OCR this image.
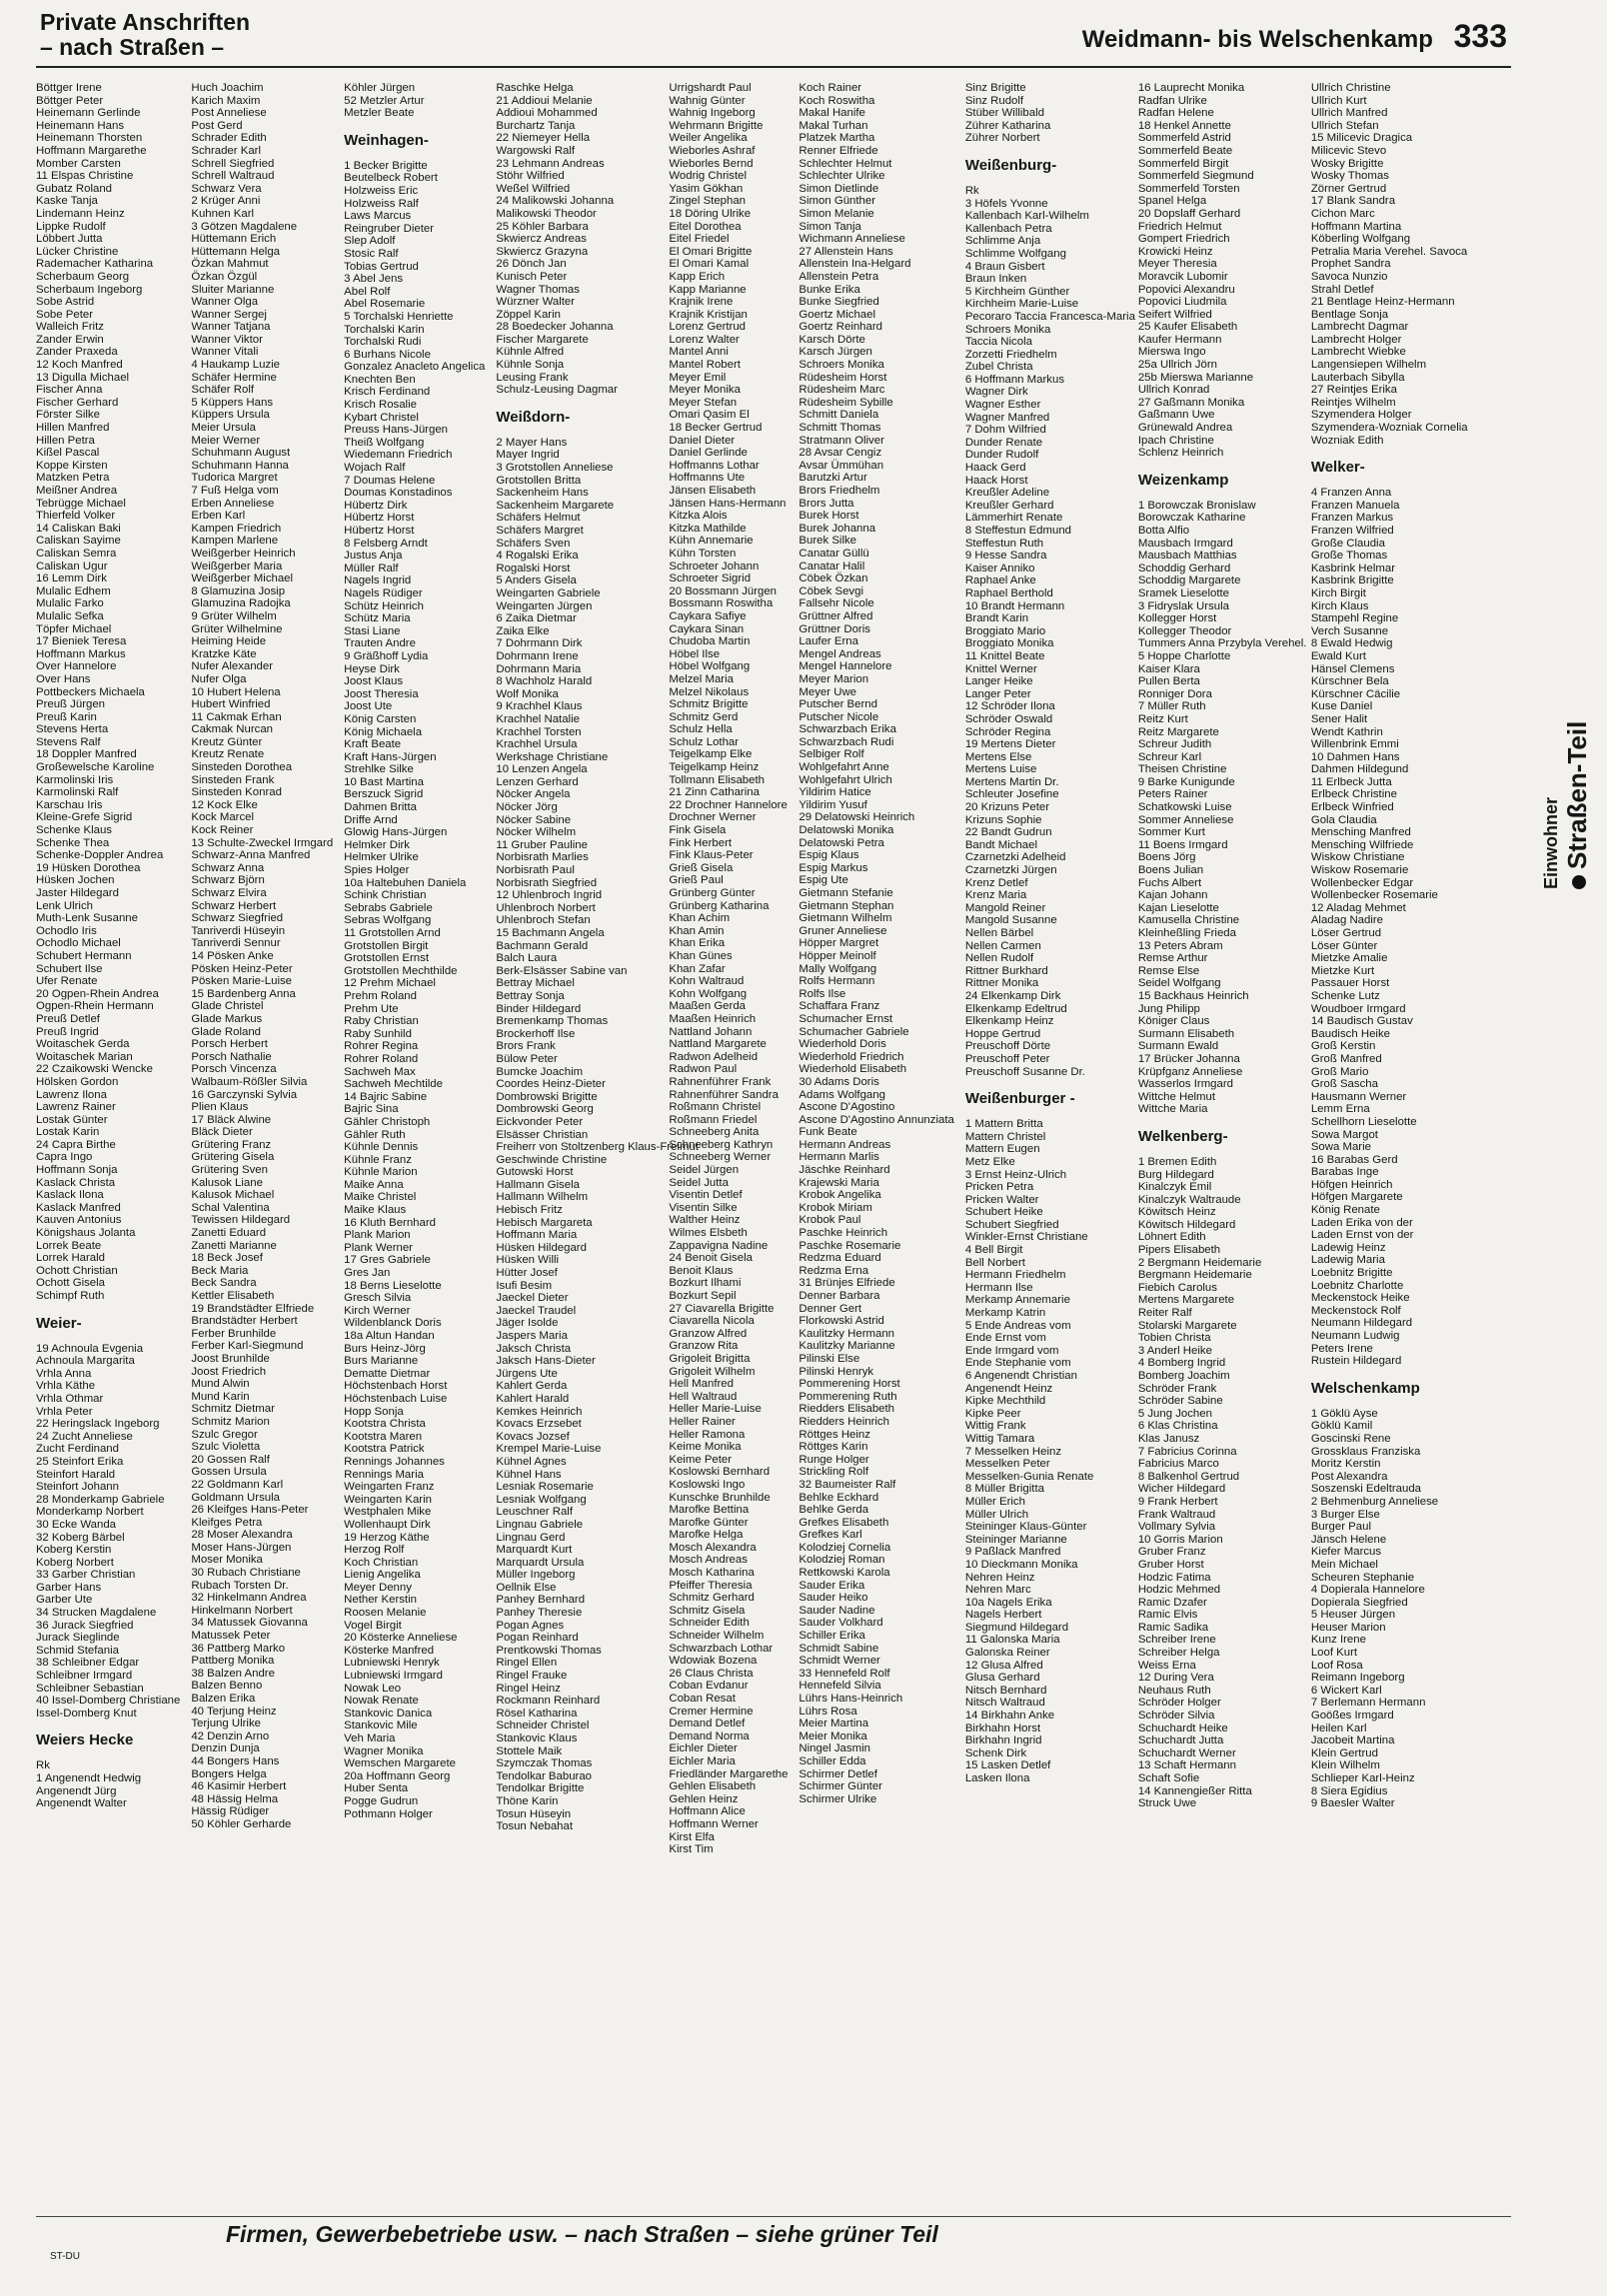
Private Anschriften
– nach Straßen –	Weidmann- bis Welschenkamp 333
Böttger Irene
Böttger Peter
Heinemann Gerlinde
Heinemann Hans
Heinemann Thorsten
Hoffmann Margarethe
Momber Carsten
11 Elspas Christine
Gubatz Roland
Kaske Tanja
Lindemann Heinz
Lippke Rudolf
Löbbert Jutta
Lücker Christine
Rademacher Katharina
Scherbaum Georg
Scherbaum Ingeborg
Sobe Astrid
Sobe Peter
Walleich Fritz
Zander Erwin
Zander Praxeda
12 Koch Manfred
13 Digulla Michael
Fischer Anna
Fischer Gerhard
Förster Silke
Hillen Manfred
Hillen Petra
Kißel Pascal
Koppe Kirsten
Matzken Petra
Meißner Andrea
Tebrügge Michael
Thierfeld Volker
14 Caliskan Baki
Caliskan Sayime
Caliskan Semra
Caliskan Ugur
16 Lemm Dirk
Mulalic Edhem
Mulalic Farko
Mulalic Sefka
Töpfer Michael
17 Bieniek Teresa
Hoffmann Markus
Over Hannelore
Over Hans
Pottbeckers Michaela
Preuß Jürgen
Preuß Karin
Stevens Herta
Stevens Ralf
18 Doppler Manfred
Großewelsche Karoline
Karmolinski Iris
Karmolinski Ralf
Karschau Iris
Kleine-Grefe Sigrid
Schenke Klaus
Schenke Thea
Schenke-Doppler Andrea
19 Hüsken Dorothea
Hüsken Jochen
Jaster Hildegard
Lenk Ulrich
Muth-Lenk Susanne
Ochodlo Iris
Ochodlo Michael
Schubert Hermann
Schubert Ilse
Ufer Renate
20 Ogpen-Rhein Andrea
Ogpen-Rhein Hermann
Preuß Detlef
Preuß Ingrid
Woitaschek Gerda
Woitaschek Marian
22 Czaikowski Wencke
Hölsken Gordon
Lawrenz Ilona
Lawrenz Rainer
Lostak Günter
Lostak Karin
24 Capra Birthe
Capra Ingo
Hoffmann Sonja
Kaslack Christa
Kaslack Ilona
Kaslack Manfred
Kauven Antonius
Königshaus Jolanta
Lorrek Beate
Lorrek Harald
Ochott Christian
Ochott Gisela
Schimpf Ruth
Weier-
19 Achnoula Evgenia
Achnoula Margarita
Vrhla Anna
Vrhla Käthe
Vrhla Othmar
Vrhla Peter
22 Heringslack Ingeborg
24 Zucht Anneliese
Zucht Ferdinand
25 Steinfort Erika
Steinfort Harald
Steinfort Johann
28 Monderkamp Gabriele
Monderkamp Norbert
30 Ecke Wanda
32 Koberg Bärbel
Koberg Kerstin
Koberg Norbert
33 Garber Christian
Garber Hans
Garber Ute
34 Strucken Magdalene
36 Jurack Siegfried
Jurack Sieglinde
Schmid Stefania
38 Schleibner Edgar
Schleibner Irmgard
Schleibner Sebastian
40 Issel-Domberg Christiane
Issel-Domberg Knut
Weiers Hecke
Rk
1 Angenendt Hedwig
Angenendt Jürg
Angenendt Walter
Huch Joachim
Karich Maxim
Post Anneliese
Post Gerd
Schrader Edith
Schrader Karl
Schrell Siegfried
Schrell Waltraud
Schwarz Vera
2 Krüger Anni
Kuhnen Karl
3 Götzen Magdalene
Hüttemann Erich
Hüttemann Helga
Özkan Mahmut
Özkan Özgül
Sluiter Marianne
Wanner Olga
Wanner Sergej
Wanner Tatjana
Wanner Viktor
Wanner Vitali
4 Haukamp Luzie
Schäfer Hermine
Schäfer Rolf
5 Küppers Hans
Küppers Ursula
Meier Ursula
Meier Werner
Schuhmann August
Schuhmann Hanna
Tudorica Margret
7 Fuß Helga vom
Erben Anneliese
Erben Karl
Kampen Friedrich
Kampen Marlene
Weißgerber Heinrich
Weißgerber Maria
Weißgerber Michael
8 Glamuzina Josip
Glamuzina Radojka
9 Grüter Wilhelm
Grüter Wilhelmine
Heiming Heide
Kratzke Käte
Nufer Alexander
Nufer Olga
10 Hubert Helena
Hubert Winfried
11 Cakmak Erhan
Cakmak Nurcan
Kreutz Günter
Kreutz Renate
Sinsteden Dorothea
Sinsteden Frank
Sinsteden Konrad
12 Kock Elke
Kock Marcel
Kock Reiner
13 Schulte-Zweckel Irmgard
Schwarz-Anna Manfred
Schwarz Anna
Schwarz Björn
Schwarz Elvira
Schwarz Herbert
Schwarz Siegfried
Tanriverdi Hüseyin
Tanriverdi Sennur
14 Pösken Anke
Pösken Heinz-Peter
Pösken Marie-Luise
15 Bardenberg Anna
Glade Christel
Glade Markus
Glade Roland
Porsch Herbert
Porsch Nathalie
Porsch Vincenza
Walbaum-Rößler Silvia
16 Garczynski Sylvia
Plien Klaus
17 Bläck Alwine
Bläck Dieter
Grütering Franz
Grütering Gisela
Grütering Sven
Kalusok Liane
Kalusok Michael
Schal Valentina
Tewissen Hildegard
Zanetti Eduard
Zanetti Marianne
18 Beck Josef
Beck Maria
Beck Sandra
Kettler Elisabeth
19 Brandstädter Elfriede
Brandstädter Herbert
Ferber Brunhilde
Ferber Karl-Siegmund
Joost Brunhilde
Joost Friedrich
Mund Alwin
Mund Karin
Schmitz Dietmar
Schmitz Marion
Szulc Gregor
Szulc Violetta
20 Gossen Ralf
Gossen Ursula
22 Goldmann Karl
Goldmann Ursula
26 Kleifges Hans-Peter
Kleifges Petra
28 Moser Alexandra
Moser Hans-Jürgen
Moser Monika
30 Rubach Christiane
Rubach Torsten Dr.
32 Hinkelmann Andrea
Hinkelmann Norbert
34 Matussek Giovanna
Matussek Peter
36 Pattberg Marko
Pattberg Monika
38 Balzen Andre
Balzen Benno
Balzen Erika
40 Terjung Heinz
Terjung Ulrike
42 Denzin Arno
Denzin Dunja
44 Bongers Hans
Bongers Helga
46 Kasimir Herbert
48 Hässig Helma
Hässig Rüdiger
50 Köhler Gerharde
Köhler Jürgen
52 Metzler Artur
Metzler Beate
Weinhagen-
1 Becker Brigitte
Beutelbeck Robert
Holzweiss Eric
Holzweiss Ralf
Laws Marcus
Reingruber Dieter
Slep Adolf
Stosic Ralf
Tobias Gertrud
3 Abel Jens
Abel Rolf
Abel Rosemarie
5 Torchalski Henriette
Torchalski Karin
Torchalski Rudi
6 Burhans Nicole
Gonzalez Anacleto Angelica
Knechten Ben
Krisch Ferdinand
Krisch Rosalie
Kybart Christel
Preuss Hans-Jürgen
Theiß Wolfgang
Wiedemann Friedrich
Wojach Ralf
7 Doumas Helene
Doumas Konstadinos
Hübertz Dirk
Hübertz Horst
Hübertz Horst
8 Felsberg Arndt
Justus Anja
Müller Ralf
Nagels Ingrid
Nagels Rüdiger
Schütz Heinrich
Schütz Maria
Stasi Liane
Trauten Andre
9 Gräßhoff Lydia
Heyse Dirk
Joost Klaus
Joost Theresia
Joost Ute
König Carsten
König Michaela
Kraft Beate
Kraft Hans-Jürgen
Strehlke Silke
10 Bast Martina
Berszuck Sigrid
Dahmen Britta
Driffe Arnd
Glowig Hans-Jürgen
Helmker Dirk
Helmker Ulrike
Spies Holger
10a Haltebuhen Daniela
Schink Christian
Sebrabs Gabriele
Sebras Wolfgang
11 Grotstollen Arnd
Grotstollen Birgit
Grotstollen Ernst
Grotstollen Mechthilde
12 Prehm Michael
Prehm Roland
Prehm Ute
Raby Christian
Raby Sunhild
Rohrer Regina
Rohrer Roland
Sachweh Max
Sachweh Mechtilde
14 Bajric Sabine
Bajric Sina
Gähler Christoph
Gähler Ruth
Kühnle Dennis
Kühnle Franz
Kühnle Marion
Maike Anna
Maike Christel
Maike Klaus
16 Kluth Bernhard
Plank Marion
Plank Werner
17 Gres Gabriele
Gres Jan
18 Berns Lieselotte
Gresch Silvia
Kirch Werner
Wildenblanck Doris
18a Altun Handan
Burs Heinz-Jörg
Burs Marianne
Dematte Dietmar
Höchstenbach Horst
Höchstenbach Luise
Hopp Sonja
Kootstra Christa
Kootstra Maren
Kootstra Patrick
Rennings Johannes
Rennings Maria
Weingarten Franz
Weingarten Karin
Westphalen Mike
Wollenhaupt Dirk
19 Herzog Käthe
Herzog Rolf
Koch Christian
Lienig Angelika
Meyer Denny
Nether Kerstin
Roosen Melanie
Vogel Birgit
20 Kösterke Anneliese
Kösterke Manfred
Lubniewski Henryk
Lubniewski Irmgard
Nowak Leo
Nowak Renate
Stankovic Danica
Stankovic Mile
Veh Maria
Wagner Monika
Wemschen Margarete
20a Hoffmann Georg
Huber Senta
Pogge Gudrun
Pothmann Holger
Raschke Helga
21 Addioui Melanie
Addioui Mohammed
Burchartz Tanja
22 Niemeyer Hella
Wargowski Ralf
23 Lehmann Andreas
Stöhr Wilfried
Weßel Wilfried
24 Malikowski Johanna
Malikowski Theodor
25 Köhler Barbara
Skwiercz Andreas
Skwiercz Grazyna
26 Dönch Jan
Kunisch Peter
Wagner Thomas
Würzner Walter
Zöppel Karin
28 Boedecker Johanna
Fischer Margarete
Kühnle Alfred
Kühnle Sonja
Leusing Frank
Schulz-Leusing Dagmar
Weißdorn-
2 Mayer Hans
Mayer Ingrid
3 Grotstollen Anneliese
Grotstollen Britta
Sackenheim Hans
Sackenheim Margarete
Schäfers Helmut
Schäfers Margret
Schäfers Sven
4 Rogalski Erika
Rogalski Horst
5 Anders Gisela
Weingarten Gabriele
Weingarten Jürgen
6 Zaika Dietmar
Zaika Elke
7 Dohrmann Dirk
Dohrmann Irene
Dohrmann Maria
8 Wachholz Harald
Wolf Monika
9 Krachhel Klaus
Krachhel Natalie
Krachhel Torsten
Krachhel Ursula
Werkshage Christiane
10 Lenzen Angela
Lenzen Gerhard
Nöcker Angela
Nöcker Jörg
Nöcker Sabine
Nöcker Wilhelm
11 Gruber Pauline
Norbisrath Marlies
Norbisrath Paul
Norbisrath Siegfried
12 Uhlenbroch Ingrid
Uhlenbroch Norbert
Uhlenbroch Stefan
15 Bachmann Angela
Bachmann Gerald
Balch Laura
Berk-Elsässer Sabine van
Bettray Michael
Bettray Sonja
Binder Hildegard
Bremenkamp Thomas
Brockerhoff Ilse
Brors Frank
Bülow Peter
Bumcke Joachim
Coordes Heinz-Dieter
Dombrowski Brigitte
Dombrowski Georg
Eickvonder Peter
Elsässer Christian
Freiherr von Stoltzenberg Klaus-Freimut
Geschwinde Christine
Gutowski Horst
Hallmann Gisela
Hallmann Wilhelm
Hebisch Fritz
Hebisch Margareta
Hoffmann Maria
Hüsken Hildegard
Hüsken Willi
Hütter Josef
Isufi Besim
Jaeckel Dieter
Jaeckel Traudel
Jäger Isolde
Jaspers Maria
Jaksch Christa
Jaksch Hans-Dieter
Jürgens Ute
Kahlert Gerda
Kahlert Harald
Kemkes Heinrich
Kovacs Erzsebet
Kovacs Jozsef
Krempel Marie-Luise
Kühnel Agnes
Kühnel Hans
Lesniak Rosemarie
Lesniak Wolfgang
Leuschner Ralf
Lingnau Gabriele
Lingnau Gerd
Marquardt Kurt
Marquardt Ursula
Müller Ingeborg
Oellnik Else
Panhey Bernhard
Panhey Theresie
Pogan Agnes
Pogan Reinhard
Prentkowski Thomas
Ringel Ellen
Ringel Frauke
Ringel Heinz
Rockmann Reinhard
Rösel Katharina
Schneider Christel
Stankovic Klaus
Stottele Maik
Szymczak Thomas
Tendolkar Baburao
Tendolkar Brigitte
Thöne Karin
Tosun Hüseyin
Tosun Nebahat
Urrigshardt Paul
Wahnig Günter
Wahnig Ingeborg
Wehrmann Brigitte
Weiler Angelika
Wieborles Ashraf
Wieborles Bernd
Wodrig Christel
Yasim Gökhan
Zingel Stephan
18 Döring Ulrike
Eitel Dorothea
Eitel Friedel
El Omari Brigitte
El Omari Kamal
Kapp Erich
Kapp Marianne
Krajnik Irene
Krajnik Kristijan
Lorenz Gertrud
Lorenz Walter
Mantel Anni
Mantel Robert
Meyer Emil
Meyer Monika
Meyer Stefan
Omari Qasim El
18 Becker Gertrud
Daniel Dieter
Daniel Gerlinde
Hoffmanns Lothar
Hoffmanns Ute
Jänsen Elisabeth
Jänsen Hans-Hermann
Kitzka Alois
Kitzka Mathilde
Kühn Annemarie
Kühn Torsten
Schroeter Johann
Schroeter Sigrid
20 Bossmann Jürgen
Bossmann Roswitha
Caykara Safiye
Caykara Sinan
Chudoba Martin
Höbel Ilse
Höbel Wolfgang
Melzel Maria
Melzel Nikolaus
Schmitz Brigitte
Schmitz Gerd
Schulz Hella
Schulz Lothar
Teigelkamp Elke
Teigelkamp Heinz
Tollmann Elisabeth
21 Zinn Catharina
22 Drochner Hannelore
Drochner Werner
Fink Gisela
Fink Herbert
Fink Klaus-Peter
Grieß Gisela
Grieß Paul
Grünberg Günter
Grünberg Katharina
Khan Achim
Khan Amin
Khan Erika
Khan Günes
Khan Zafar
Kohn Waltraud
Kohn Wolfgang
Maaßen Gerda
Maaßen Heinrich
Nattland Johann
Nattland Margarete
Radwon Adelheid
Radwon Paul
Rahnenführer Frank
Rahnenführer Sandra
Roßmann Christel
Roßmann Friedel
Schneeberg Anita
Schneeberg Kathryn
Schneeberg Werner
Seidel Jürgen
Seidel Jutta
Visentin Detlef
Visentin Silke
Walther Heinz
Wilmes Elsbeth
Zappavigna Nadine
24 Benoit Gisela
Benoit Klaus
Bozkurt Ilhami
Bozkurt Sepil
27 Ciavarella Brigitte
Ciavarella Nicola
Granzow Alfred
Granzow Rita
Grigoleit Brigitta
Grigoleit Wilhelm
Hell Manfred
Hell Waltraud
Heller Marie-Luise
Heller Rainer
Heller Ramona
Keime Monika
Keime Peter
Koslowski Bernhard
Koslowski Ingo
Kunschke Brunhilde
Marofke Bettina
Marofke Günter
Marofke Helga
Mosch Alexandra
Mosch Andreas
Mosch Katharina
Pfeiffer Theresia
Schmitz Gerhard
Schmitz Gisela
Schneider Edith
Schneider Wilhelm
Schwarzbach Lothar
Wdowiak Bozena
26 Claus Christa
Coban Evdanur
Coban Resat
Cremer Hermine
Demand Detlef
Demand Norma
Eichler Dieter
Eichler Maria
Friedländer Margarethe
Gehlen Elisabeth
Gehlen Heinz
Hoffmann Alice
Hoffmann Werner
Kirst Elfa
Kirst Tim
Koch Rainer
Koch Roswitha
Makal Hanife
Makal Turhan
Platzek Martha
Renner Elfriede
Schlechter Helmut
Schlechter Ulrike
Simon Dietlinde
Simon Günther
Simon Melanie
Simon Tanja
Wichmann Anneliese
27 Allenstein Hans
Allenstein Ina-Helgard
Allenstein Petra
Bunke Erika
Bunke Siegfried
Goertz Michael
Goertz Reinhard
Karsch Dörte
Karsch Jürgen
Schroers Monika
Rüdesheim Horst
Rüdesheim Marc
Rüdesheim Sybille
Schmitt Daniela
Schmitt Thomas
Stratmann Oliver
28 Avsar Cengiz
Avsar Ümmühan
Barutzki Artur
Brors Friedhelm
Brors Jutta
Burek Horst
Burek Johanna
Burek Silke
Canatar Güllü
Canatar Halil
Cöbek Özkan
Cöbek Sevgi
Fallsehr Nicole
Grüttner Alfred
Grüttner Doris
Laufer Erna
Mengel Andreas
Mengel Hannelore
Meyer Marion
Meyer Uwe
Putscher Bernd
Putscher Nicole
Schwarzbach Erika
Schwarzbach Rudi
Selbiger Rolf
Wohlgefahrt Anne
Wohlgefahrt Ulrich
Yildirim Hatice
Yildirim Yusuf
29 Delatowski Heinrich
Delatowski Monika
Delatowski Petra
Espig Klaus
Espig Markus
Espig Ute
Gietmann Stefanie
Gietmann Stephan
Gietmann Wilhelm
Gruner Anneliese
Höpper Margret
Höpper Meinolf
Mally Wolfgang
Rolfs Hermann
Rolfs Ilse
Schaffara Franz
Schumacher Ernst
Schumacher Gabriele
Wiederhold Doris
Wiederhold Friedrich
Wiederhold Elisabeth
30 Adams Doris
Adams Wolfgang
Ascone D'Agostino
Ascone D'Agostino Annunziata
Funk Beate
Hermann Andreas
Hermann Marlis
Jäschke Reinhard
Krajewski Maria
Krobok Angelika
Krobok Miriam
Krobok Paul
Paschke Heinrich
Paschke Rosemarie
Redzma Eduard
Redzma Erna
31 Brünjes Elfriede
Denner Barbara
Denner Gert
Florkowski Astrid
Kaulitzky Hermann
Kaulitzky Marianne
Pilinski Else
Pilinski Henryk
Pommerening Horst
Pommerening Ruth
Riedders Elisabeth
Riedders Heinrich
Röttges Heinz
Röttges Karin
Runge Holger
Strickling Rolf
32 Baumeister Ralf
Behlke Eckhard
Behlke Gerda
Grefkes Elisabeth
Grefkes Karl
Kolodziej Cornelia
Kolodziej Roman
Rettkowski Karola
Sauder Erika
Sauder Heiko
Sauder Nadine
Sauder Volkhard
Schiller Erika
Schmidt Sabine
Schmidt Werner
33 Hennefeld Rolf
Hennefeld Silvia
Lührs Hans-Heinrich
Lührs Rosa
Meier Martina
Meier Monika
Ningel Jasmin
Schiller Edda
Schirmer Detlef
Schirmer Günter
Schirmer Ulrike
Sinz Brigitte
Sinz Rudolf
Stüber Willibald
Zührer Katharina
Zührer Norbert
Weißenburg-
Rk
3 Höfels Yvonne
Kallenbach Karl-Wilhelm
Kallenbach Petra
Schlimme Anja
Schlimme Wolfgang
4 Braun Gisbert
Braun Inken
5 Kirchheim Günther
Kirchheim Marie-Luise
Pecoraro Taccia Francesca-Maria
Schroers Monika
Taccia Nicola
Zorzetti Friedhelm
Zubel Christa
6 Hoffmann Markus
Wagner Dirk
Wagner Esther
Wagner Manfred
7 Dohm Wilfried
Dunder Renate
Dunder Rudolf
Haack Gerd
Haack Horst
Kreußler Adeline
Kreußler Gerhard
Lämmerhirt Renate
8 Steffestun Edmund
Steffestun Ruth
9 Hesse Sandra
Kaiser Anniko
Raphael Anke
Raphael Berthold
10 Brandt Hermann
Brandt Karin
Broggiato Mario
Broggiato Monika
11 Knittel Beate
Knittel Werner
Langer Heike
Langer Peter
12 Schröder Ilona
Schröder Oswald
Schröder Regina
19 Mertens Dieter
Mertens Else
Mertens Luise
Mertens Martin Dr.
Schleuter Josefine
20 Krizuns Peter
Krizuns Sophie
22 Bandt Gudrun
Bandt Michael
Czarnetzki Adelheid
Czarnetzki Jürgen
Krenz Detlef
Krenz Maria
Mangold Reiner
Mangold Susanne
Nellen Bärbel
Nellen Carmen
Nellen Rudolf
Rittner Burkhard
Rittner Monika
24 Elkenkamp Dirk
Elkenkamp Edeltrud
Elkenkamp Heinz
Hoppe Gertrud
Preuschoff Dörte
Preuschoff Peter
Preuschoff Susanne Dr.
Weißenburger -
1 Mattern Britta
Mattern Christel
Mattern Eugen
Metz Elke
3 Ernst Heinz-Ulrich
Pricken Petra
Pricken Walter
Schubert Heike
Schubert Siegfried
Winkler-Ernst Christiane
4 Bell Birgit
Bell Norbert
Hermann Friedhelm
Hermann Ilse
Merkamp Annemarie
Merkamp Katrin
5 Ende Andreas vom
Ende Ernst vom
Ende Irmgard vom
Ende Stephanie vom
6 Angenendt Christian
Angenendt Heinz
Kipke Mechthild
Kipke Peer
Wittig Frank
Wittig Tamara
7 Messelken Heinz
Messelken Peter
Messelken-Gunia Renate
8 Müller Brigitta
Müller Erich
Müller Ulrich
Steininger Klaus-Günter
Steininger Marianne
9 Paßlack Manfred
10 Dieckmann Monika
Nehren Heinz
Nehren Marc
10a Nagels Erika
Nagels Herbert
Siegmund Hildegard
11 Galonska Maria
Galonska Reiner
12 Glusa Alfred
Glusa Gerhard
Nitsch Bernhard
Nitsch Waltraud
14 Birkhahn Anke
Birkhahn Horst
Birkhahn Ingrid
Schenk Dirk
15 Lasken Detlef
Lasken Ilona
16 Lauprecht Monika
Radfan Ulrike
Radfan Helene
18 Henkel Annette
Sommerfeld Astrid
Sommerfeld Beate
Sommerfeld Birgit
Sommerfeld Siegmund
Sommerfeld Torsten
Spanel Helga
20 Dopslaff Gerhard
Friedrich Helmut
Gompert Friedrich
Krowicki Heinz
Meyer Theresia
Moravcik Lubomir
Popovici Alexandru
Popovici Liudmila
Seifert Wilfried
25 Kaufer Elisabeth
Kaufer Hermann
Mierswa Ingo
25a Ullrich Jörn
25b Mierswa Marianne
Ullrich Konrad
27 Gaßmann Monika
Gaßmann Uwe
Grünewald Andrea
Ipach Christine
Schlenz Heinrich
Weizenkamp
1 Borowczak Bronislaw
Borowczak Katharine
Botta Alfio
Mausbach Irmgard
Mausbach Matthias
Schoddig Gerhard
Schoddig Margarete
Sramek Lieselotte
3 Fidryslak Ursula
Kollegger Horst
Kollegger Theodor
Tummers Anna Przybyla Verehel.
5 Hoppe Charlotte
Kaiser Klara
Pullen Berta
Ronniger Dora
7 Müller Ruth
Reitz Kurt
Reitz Margarete
Schreur Judith
Schreur Karl
Theisen Christine
9 Barke Kunigunde
Peters Rainer
Schatkowski Luise
Sommer Anneliese
Sommer Kurt
11 Boens Irmgard
Boens Jörg
Boens Julian
Fuchs Albert
Kajan Johann
Kajan Lieselotte
Kamusella Christine
Kleinheßling Frieda
13 Peters Abram
Remse Arthur
Remse Else
Seidel Wolfgang
15 Backhaus Heinrich
Jung Philipp
Königer Claus
Surmann Elisabeth
Surmann Ewald
17 Brücker Johanna
Krüpfganz Anneliese
Wasserlos Irmgard
Wittche Helmut
Wittche Maria
Welkenberg-
1 Bremen Edith
Burg Hildegard
Kinalczyk Emil
Kinalczyk Waltraude
Köwitsch Heinz
Köwitsch Hildegard
Löhnert Edith
Pipers Elisabeth
2 Bergmann Heidemarie
Bergmann Heidemarie
Fiebich Carolus
Mertens Margarete
Reiter Ralf
Stolarski Margarete
Tobien Christa
3 Anderl Heike
4 Bomberg Ingrid
Bomberg Joachim
Schröder Frank
Schröder Sabine
5 Jung Jochen
6 Klas Christina
Klas Janusz
7 Fabricius Corinna
Fabricius Marco
8 Balkenhol Gertrud
Wicher Hildegard
9 Frank Herbert
Frank Waltraud
Vollmary Sylvia
10 Gorris Marion
Gruber Franz
Gruber Horst
Hodzic Fatima
Hodzic Mehmed
Ramic Dzafer
Ramic Elvis
Ramic Sadika
Schreiber Irene
Schreiber Helga
Weiss Erna
12 During Vera
Neuhaus Ruth
Schröder Holger
Schröder Silvia
Schuchardt Heike
Schuchardt Jutta
Schuchardt Werner
13 Schaft Hermann
Schaft Sofie
14 Kannengießer Ritta
Struck Uwe
Ullrich Christine
Ullrich Kurt
Ullrich Manfred
Ullrich Stefan
15 Milicevic Dragica
Milicevic Stevo
Wosky Brigitte
Wosky Thomas
Zörner Gertrud
17 Blank Sandra
Cichon Marc
Hoffmann Martina
Köberling Wolfgang
Petralia Maria Verehel. Savoca
Prophet Sandra
Savoca Nunzio
Strahl Detlef
21 Bentlage Heinz-Hermann
Bentlage Sonja
Lambrecht Dagmar
Lambrecht Holger
Lambrecht Wiebke
Langensiepen Wilhelm
Lauterbach Sibylla
27 Reintjes Erika
Reintjes Wilhelm
Szymendera Holger
Szymendera-Wozniak Cornelia
Wozniak Edith
Welker-
4 Franzen Anna
Franzen Manuela
Franzen Markus
Franzen Wilfried
Große Claudia
Große Thomas
Kasbrink Helmar
Kasbrink Brigitte
Kirch Birgit
Kirch Klaus
Stampehl Regine
Verch Susanne
8 Ewald Hedwig
Ewald Kurt
Hänsel Clemens
Kürschner Bela
Kürschner Cäcilie
Kuse Daniel
Sener Halit
Wendt Kathrin
Willenbrink Emmi
10 Dahmen Hans
Dahmen Hildegund
11 Erlbeck Jutta
Erlbeck Christine
Erlbeck Winfried
Gola Claudia
Mensching Manfred
Mensching Wilfriede
Wiskow Christiane
Wiskow Rosemarie
Wollenbecker Edgar
Wollenbecker Rosemarie
12 Aladag Mehmet
Aladag Nadire
Löser Gertrud
Löser Günter
Mietzke Amalie
Mietzke Kurt
Passauer Horst
Schenke Lutz
Woudboer Irmgard
14 Baudisch Gustav
Baudisch Heike
Groß Kerstin
Groß Manfred
Groß Mario
Groß Sascha
Hausmann Werner
Lemm Erna
Schellhorn Lieselotte
Sowa Margot
Sowa Marie
16 Barabas Gerd
Barabas Inge
Höfgen Heinrich
Höfgen Margarete
König Renate
Laden Erika von der
Laden Ernst von der
Ladewig Heinz
Ladewig Maria
Loebnitz Brigitte
Loebnitz Charlotte
Meckenstock Heike
Meckenstock Rolf
Neumann Hildegard
Neumann Ludwig
Peters Irene
Rustein Hildegard
Welschenkamp
1 Göklü Ayse
Göklü Kamil
Goscinski Rene
Grossklaus Franziska
Moritz Kerstin
Post Alexandra
Soszenski Edeltrauda
2 Behmenburg Anneliese
3 Burger Else
Burger Paul
Jänsch Helene
Kiefer Marcus
Mein Michael
Scheuren Stephanie
4 Dopierala Hannelore
Dopierala Siegfried
5 Heuser Jürgen
Heuser Marion
Kunz Irene
Loof Kurt
Loof Rosa
Reimann Ingeborg
6 Wickert Karl
7 Berlemann Hermann
Goößes Irmgard
Heilen Karl
Jacobeit Martina
Klein Gertrud
Klein Wilhelm
Schlieper Karl-Heinz
8 Siera Egidius
9 Baesler Walter
Einwohner Straßen-Teil
Firmen, Gewerbebetriebe usw. – nach Straßen – siehe grüner Teil
ST-DU
